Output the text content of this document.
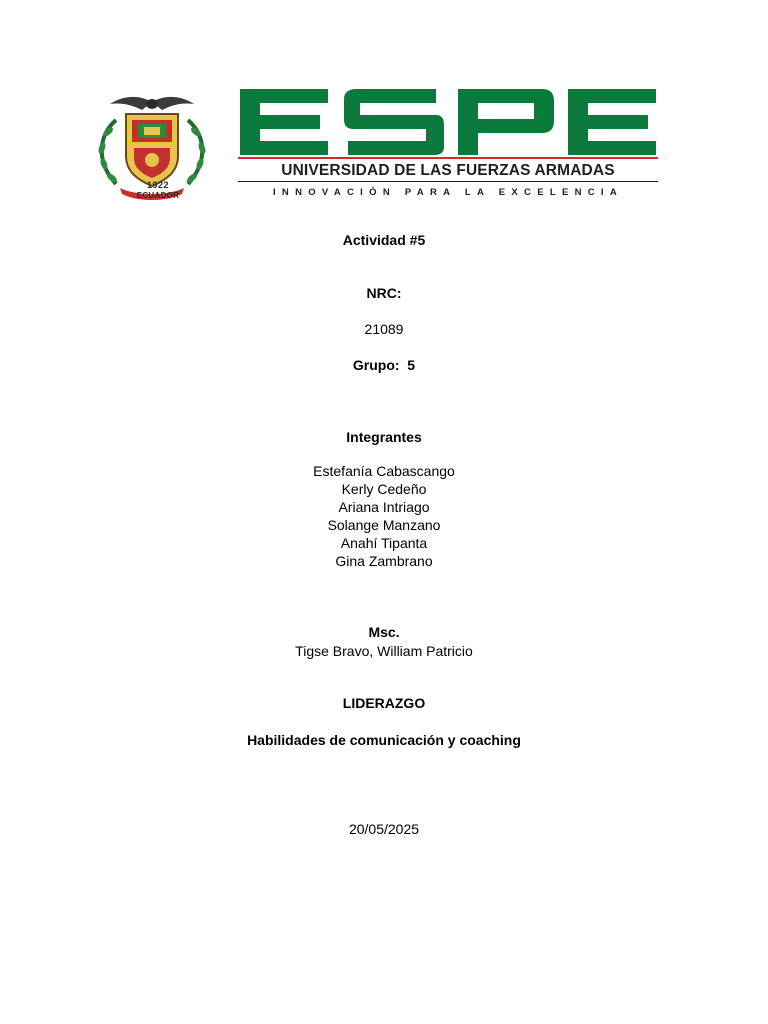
1922
ECUADOR
UNIVERSIDAD DE LAS FUERZAS ARMADAS
INNOVACIÓN PARA LA EXCELENCIA
Actividad #5
NRC:
21089
Grupo:  5
Integrantes
Estefanía Cabascango
Kerly Cedeño
Ariana Intriago
Solange Manzano
Anahí Tipanta
Gina Zambrano
Msc.
Tigse Bravo, William Patricio
LIDERAZGO
Habilidades de comunicación y coaching
20/05/2025
